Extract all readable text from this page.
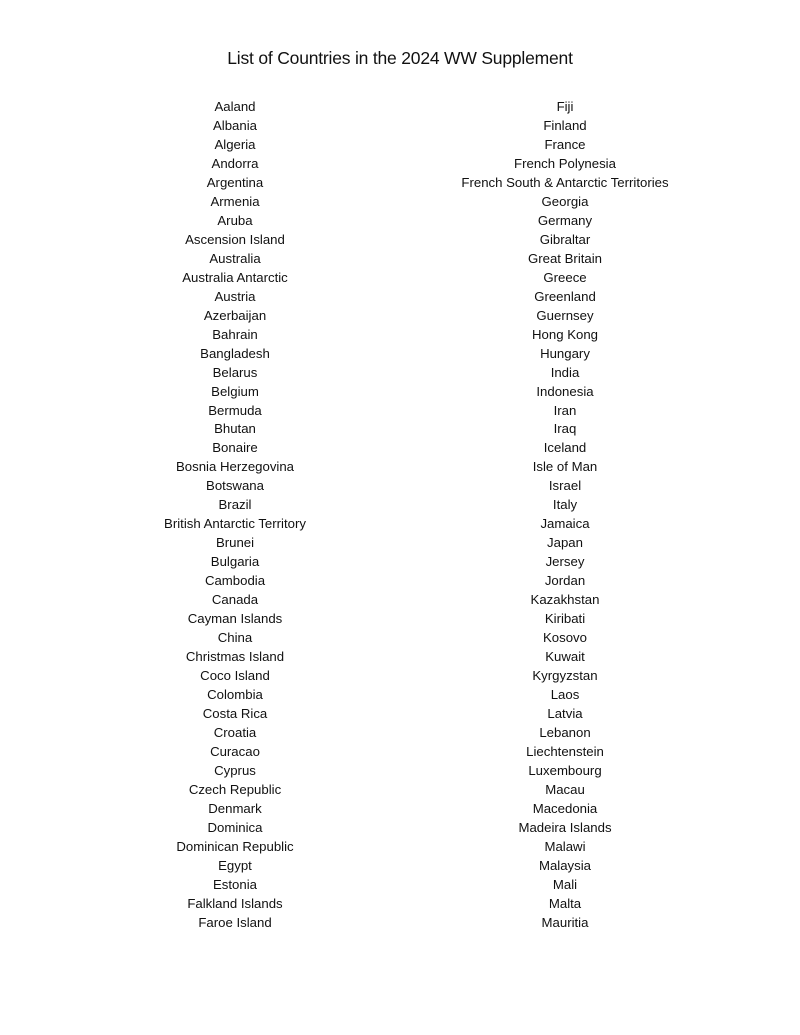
List of Countries in the 2024 WW Supplement
Aaland
Albania
Algeria
Andorra
Argentina
Armenia
Aruba
Ascension Island
Australia
Australia Antarctic
Austria
Azerbaijan
Bahrain
Bangladesh
Belarus
Belgium
Bermuda
Bhutan
Bonaire
Bosnia Herzegovina
Botswana
Brazil
British Antarctic Territory
Brunei
Bulgaria
Cambodia
Canada
Cayman Islands
China
Christmas Island
Coco Island
Colombia
Costa Rica
Croatia
Curacao
Cyprus
Czech Republic
Denmark
Dominica
Dominican Republic
Egypt
Estonia
Falkland Islands
Faroe Island
Fiji
Finland
France
French Polynesia
French South & Antarctic Territories
Georgia
Germany
Gibraltar
Great Britain
Greece
Greenland
Guernsey
Hong Kong
Hungary
India
Indonesia
Iran
Iraq
Iceland
Isle of Man
Israel
Italy
Jamaica
Japan
Jersey
Jordan
Kazakhstan
Kiribati
Kosovo
Kuwait
Kyrgyzstan
Laos
Latvia
Lebanon
Liechtenstein
Luxembourg
Macau
Macedonia
Madeira Islands
Malawi
Malaysia
Mali
Malta
Mauritia
